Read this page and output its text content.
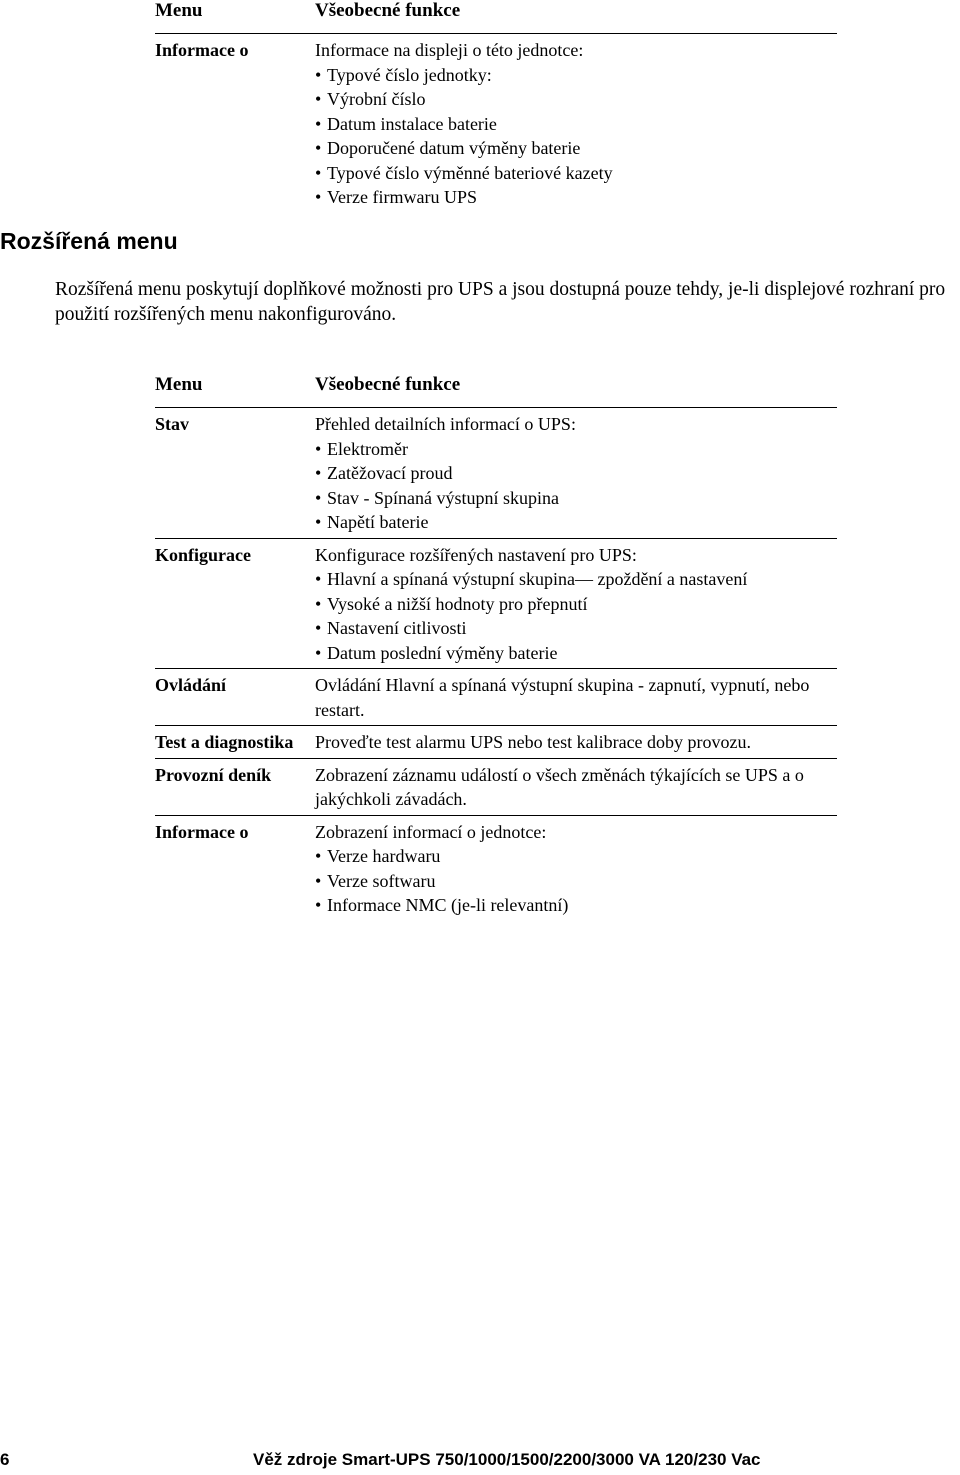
Menu	Všeobecné funkce
Informace o	Informace na displeji o této jednotce:
• Typové číslo jednotky:
• Výrobní číslo
• Datum instalace baterie
• Doporučené datum výměny baterie
• Typové číslo výměnné bateriové kazety
• Verze firmwaru UPS
Rozšířená menu

Rozšířená menu poskytují doplňkové možnosti pro UPS a jsou dostupná pouze tehdy, je-li displejové rozhraní pro použití rozšířených menu nakonfigurováno.

Menu	Všeobecné funkce
Stav	Přehled detailních informací o UPS:
• Elektroměr
• Zatěžovací proud
• Stav - Spínaná výstupní skupina
• Napětí baterie
Konfigurace	Konfigurace rozšířených nastavení pro UPS:
• Hlavní a spínaná výstupní skupina— zpoždění a nastavení
• Vysoké a nižší hodnoty pro přepnutí
• Nastavení citlivosti
• Datum poslední výměny baterie
Ovládání	Ovládání Hlavní a spínaná výstupní skupina - zapnutí, vypnutí, nebo restart.
Test a diagnostika	Proveďte test alarmu UPS nebo test kalibrace doby provozu.
Provozní deník	Zobrazení záznamu událostí o všech změnách týkajících se UPS a o jakýchkoli závadách.
Informace o	Zobrazení informací o jednotce:
• Verze hardwaru
• Verze softwaru
• Informace NMC (je-li relevantní)
6	Věž zdroje Smart-UPS 750/1000/1500/2200/3000 VA 120/230 Vac
